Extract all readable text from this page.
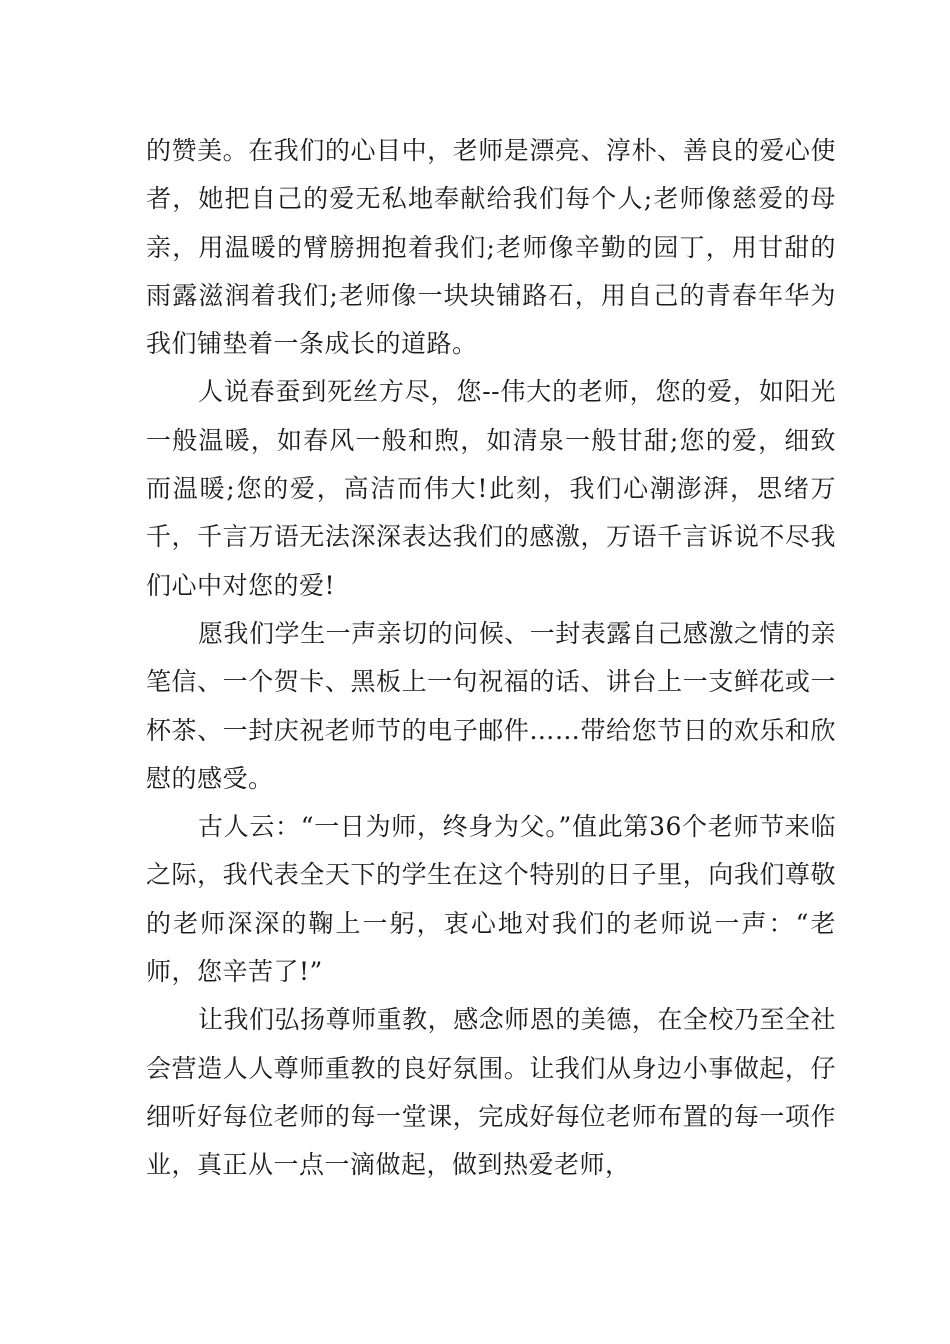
的赞美。在我们的心目中，老师是漂亮、淳朴、善良的爱心使者，她把自己的爱无私地奉献给我们每个人;老师像慈爱的母亲，用温暖的臂膀拥抱着我们;老师像辛勤的园丁，用甘甜的雨露滋润着我们;老师像一块块铺路石，用自己的青春年华为我们铺垫着一条成长的道路。

人说春蚕到死丝方尽，您--伟大的老师，您的爱，如阳光一般温暖，如春风一般和煦，如清泉一般甘甜;您的爱，细致而温暖;您的爱，高洁而伟大!此刻，我们心潮澎湃，思绪万千，千言万语无法深深表达我们的感激，万语千言诉说不尽我们心中对您的爱!

愿我们学生一声亲切的问候、一封表露自己感激之情的亲笔信、一个贺卡、黑板上一句祝福的话、讲台上一支鲜花或一杯茶、一封庆祝老师节的电子邮件……带给您节日的欢乐和欣慰的感受。

古人云：“一日为师，终身为父。”值此第36个老师节来临之际，我代表全天下的学生在这个特别的日子里，向我们尊敬的老师深深的鞠上一躬，衷心地对我们的老师说一声：“老师，您辛苦了!”

让我们弘扬尊师重教，感念师恩的美德，在全校乃至全社会营造人人尊师重教的良好氛围。让我们从身边小事做起，仔细听好每位老师的每一堂课，完成好每位老师布置的每一项作业，真正从一点一滴做起，做到热爱老师，
